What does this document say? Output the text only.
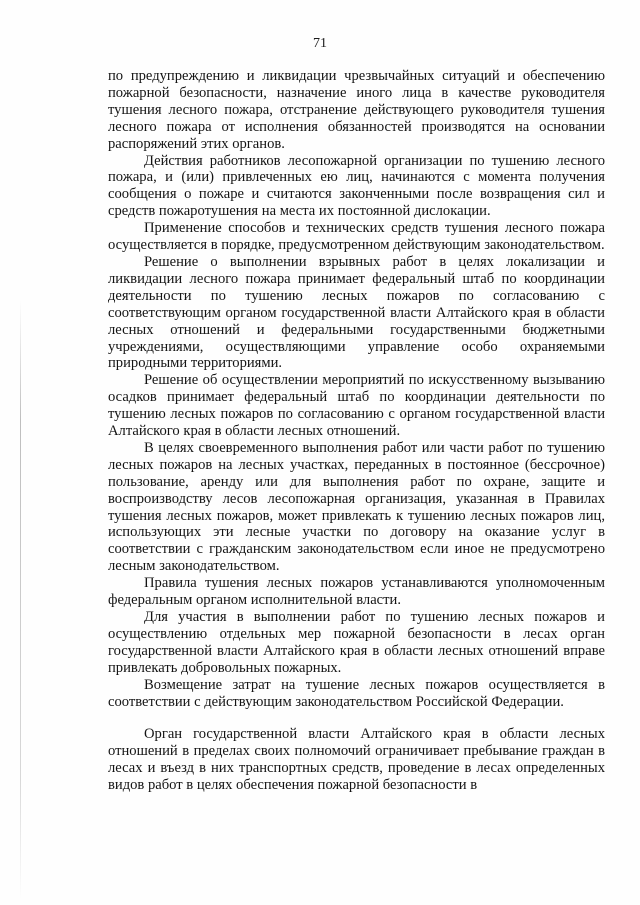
71

по предупреждению и ликвидации чрезвычайных ситуаций и обеспечению пожарной безопасности, назначение иного лица в качестве руководителя тушения лесного пожара, отстранение действующего руководителя тушения лесного пожара от исполнения обязанностей производятся на основании распоряжений этих органов.

Действия работников лесопожарной организации по тушению лесного пожара, и (или) привлеченных ею лиц, начинаются с момента получения сообщения о пожаре и считаются законченными после возвращения сил и средств пожаротушения на места их постоянной дислокации.

Применение способов и технических средств тушения лесного пожара осуществляется в порядке, предусмотренном действующим законодательством.

Решение о выполнении взрывных работ в целях локализации и ликвидации лесного пожара принимает федеральный штаб по координации деятельности по тушению лесных пожаров по согласованию с соответствующим органом государственной власти Алтайского края в области лесных отношений и федеральными государственными бюджетными учреждениями, осуществляющими управление особо охраняемыми природными территориями.

Решение об осуществлении мероприятий по искусственному вызыванию осадков принимает федеральный штаб по координации деятельности по тушению лесных пожаров по согласованию с органом государственной власти Алтайского края в области лесных отношений.

В целях своевременного выполнения работ или части работ по тушению лесных пожаров на лесных участках, переданных в постоянное (бессрочное) пользование, аренду или для выполнения работ по охране, защите и воспроизводству лесов лесопожарная организация, указанная в Правилах тушения лесных пожаров, может привлекать к тушению лесных пожаров лиц, использующих эти лесные участки по договору на оказание услуг в соответствии с гражданским законодательством если иное не предусмотрено лесным законодательством.

Правила тушения лесных пожаров устанавливаются уполномоченным федеральным органом исполнительной власти.

Для участия в выполнении работ по тушению лесных пожаров и осуществлению отдельных мер пожарной безопасности в лесах орган государственной власти Алтайского края в области лесных отношений вправе привлекать добровольных пожарных.

Возмещение затрат на тушение лесных пожаров осуществляется в соответствии с действующим законодательством Российской Федерации.

Орган государственной власти Алтайского края в области лесных отношений в пределах своих полномочий ограничивает пребывание граждан в лесах и въезд в них транспортных средств, проведение в лесах определенных видов работ в целях обеспечения пожарной безопасности в
